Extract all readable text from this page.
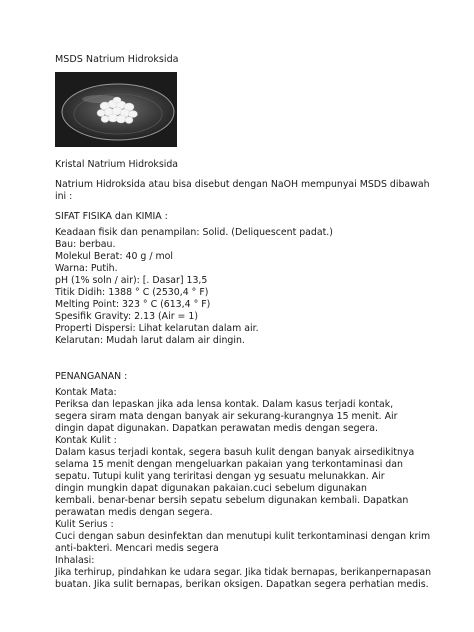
MSDS Natrium Hidroksida
Kristal Natrium Hidroksida
Natrium Hidroksida atau bisa disebut dengan NaOH mempunyai MSDS dibawah
ini :
SIFAT FISIKA dan KIMIA :
Keadaan fisik dan penampilan: Solid. (Deliquescent padat.)
Bau: berbau.
Molekul Berat: 40 g / mol
Warna: Putih.
pH (1% soln / air): [. Dasar] 13,5
Titik Didih: 1388 ° C (2530,4 ° F)
Melting Point: 323 ° C (613,4 ° F)
Spesifik Gravity: 2.13 (Air = 1)
Properti Dispersi: Lihat kelarutan dalam air.
Kelarutan: Mudah larut dalam air dingin.
PENANGANAN :
Kontak Mata:
Periksa dan lepaskan jika ada lensa kontak. Dalam kasus terjadi kontak,
segera siram mata dengan banyak air sekurang-kurangnya 15 menit. Air
dingin dapat digunakan. Dapatkan perawatan medis dengan segera.
Kontak Kulit :
Dalam kasus terjadi kontak, segera basuh kulit dengan banyak airsedikitnya
selama 15 menit dengan mengeluarkan pakaian yang terkontaminasi dan
sepatu. Tutupi kulit yang teriritasi dengan yg sesuatu melunakkan. Air
dingin mungkin dapat digunakan pakaian.cuci sebelum digunakan
kembali. benar-benar bersih sepatu sebelum digunakan kembali. Dapatkan
perawatan medis dengan segera.
Kulit Serius :
Cuci dengan sabun desinfektan dan menutupi kulit terkontaminasi dengan krim
anti-bakteri. Mencari medis segera
Inhalasi:
Jika terhirup, pindahkan ke udara segar. Jika tidak bernapas, berikanpernapasan
buatan. Jika sulit bernapas, berikan oksigen. Dapatkan segera perhatian medis.
